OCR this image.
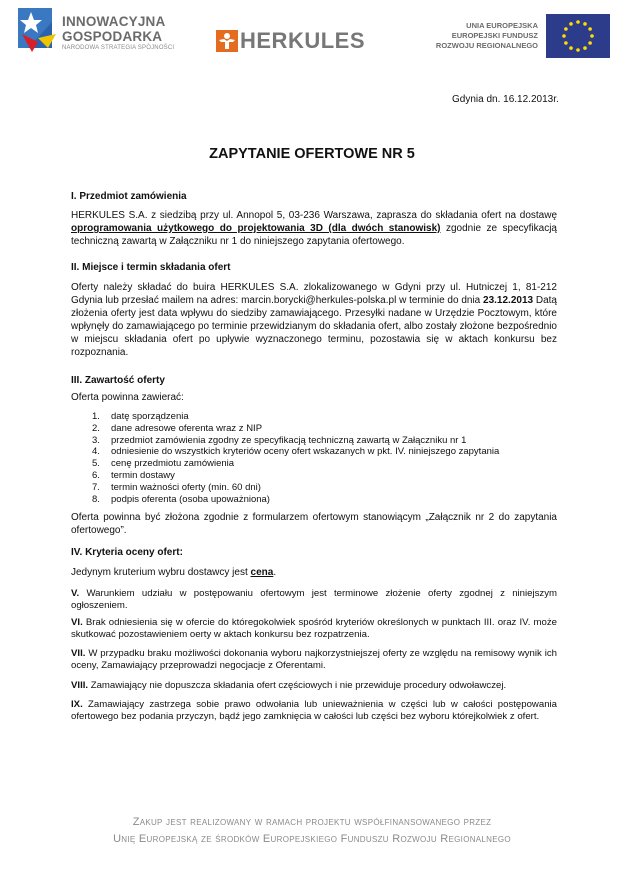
INNOWACYJNA
GOSPODARKA
NARODOWA STRATEGIA SPÓJNOŚCI	HERKULES
UNIA EUROPEJSKA
EUROPEJSKI FUNDUSZ
ROZWOJU REGIONALNEGO
Gdynia dn. 16.12.2013r.
ZAPYTANIE OFERTOWE NR 5
I. Przedmiot zamówienia
HERKULES S.A. z siedzibą przy ul. Annopol 5, 03-236 Warszawa, zaprasza do składania ofert na dostawę oprogramowania użytkowego do projektowania 3D (dla dwóch stanowisk) zgodnie ze specyfikacją techniczną zawartą w Załączniku nr 1 do niniejszego zapytania ofertowego.
II. Miejsce i termin składania ofert
Oferty należy składać do buira HERKULES S.A. zlokalizowanego w Gdyni przy ul. Hutniczej 1, 81-212 Gdynia lub przesłać mailem na adres: marcin.borycki@herkules-polska.pl w terminie do dnia 23.12.2013 Datą złożenia oferty jest data wpływu do siedziby zamawiającego. Przesyłki nadane w Urzędzie Pocztowym, które wpłynęły do zamawiającego po terminie przewidzianym do składania ofert, albo zostały złożone bezpośrednio w miejscu składania ofert po upływie wyznaczonego terminu, pozostawia się w aktach konkursu bez rozpoznania.
III. Zawartość oferty
Oferta powinna zawierać:
1. datę sporządzenia
2. dane adresowe oferenta wraz z NIP
3. przedmiot zamówienia zgodny ze specyfikacją techniczną zawartą w Załączniku nr 1
4. odniesienie do wszystkich kryteriów oceny ofert wskazanych w pkt. IV. niniejszego zapytania
5. cenę przedmiotu zamówienia
6. termin dostawy
7. termin ważności oferty (min. 60 dni)
8. podpis oferenta (osoba upoważniona)
Oferta powinna być złożona zgodnie z formularzem ofertowym stanowiącym „Załącznik nr 2 do zapytania ofertowego”.
IV. Kryteria oceny ofert:
Jedynym kruterium wybru dostawcy jest cena.
V. Warunkiem udziału w postępowaniu ofertowym jest terminowe złożenie oferty zgodnej z niniejszym ogłoszeniem.
VI. Brak odniesienia się w ofercie do któregokolwiek spośród kryteriów określonych w punktach III. oraz IV. może skutkować pozostawieniem oerty w aktach konkursu bez rozpatrzenia.
VII. W przypadku braku możliwości dokonania wyboru najkorzystniejszej oferty ze względu na remisowy wynik ich oceny, Zamawiający przeprowadzi negocjacje z Oferentami.
VIII. Zamawiający nie dopuszcza składania ofert częściowych i nie przewiduje procedury odwoławczej.
IX. Zamawiający zastrzega sobie prawo odwołania lub unieważnienia w części lub w całości postępowania ofertowego bez podania przyczyn, bądź jego zamknięcia w całości lub części bez wyboru którejkolwiek z ofert.
Zakup jest realizowany w ramach projektu współfinansowanego przez
Unię Europejską ze środków Europejskiego Funduszu Rozwoju Regionalnego
